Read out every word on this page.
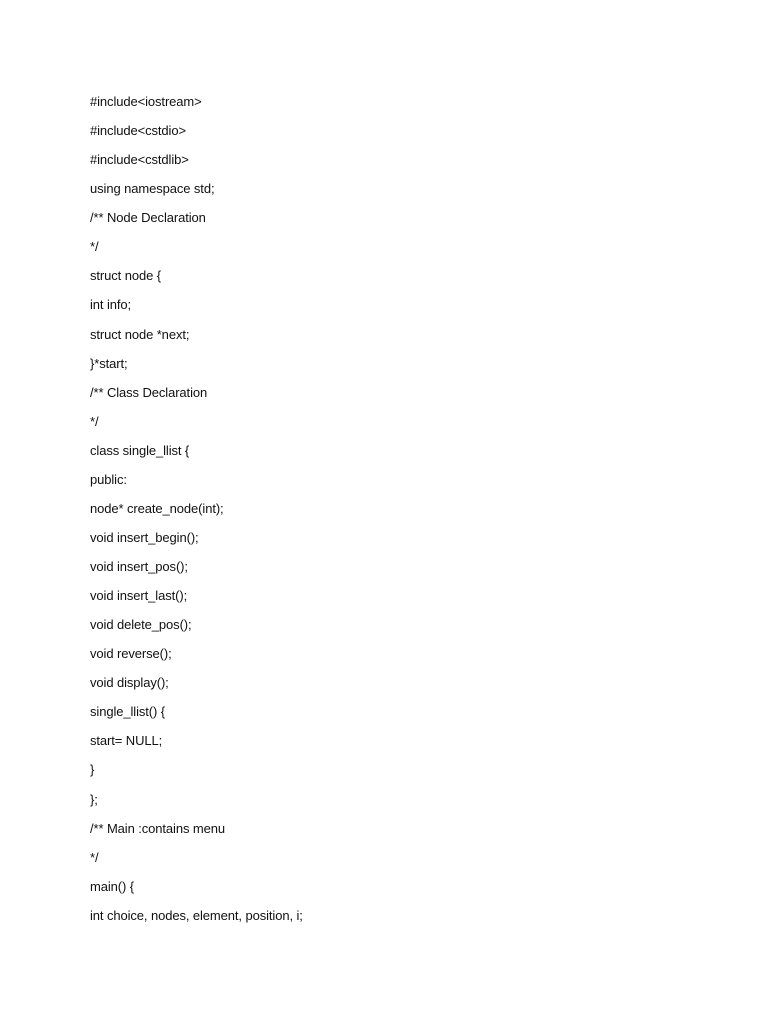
#include<iostream>
#include<cstdio>
#include<cstdlib>
using namespace std;
/** Node Declaration
*/
struct node {
int info;
struct node *next;
}*start;
/** Class Declaration
*/
class single_llist {
public:
node* create_node(int);
void insert_begin();
void insert_pos();
void insert_last();
void delete_pos();
void reverse();
void display();
single_llist() {
start= NULL;
}
};
/** Main :contains menu
*/
main() {
int choice, nodes, element, position, i;
